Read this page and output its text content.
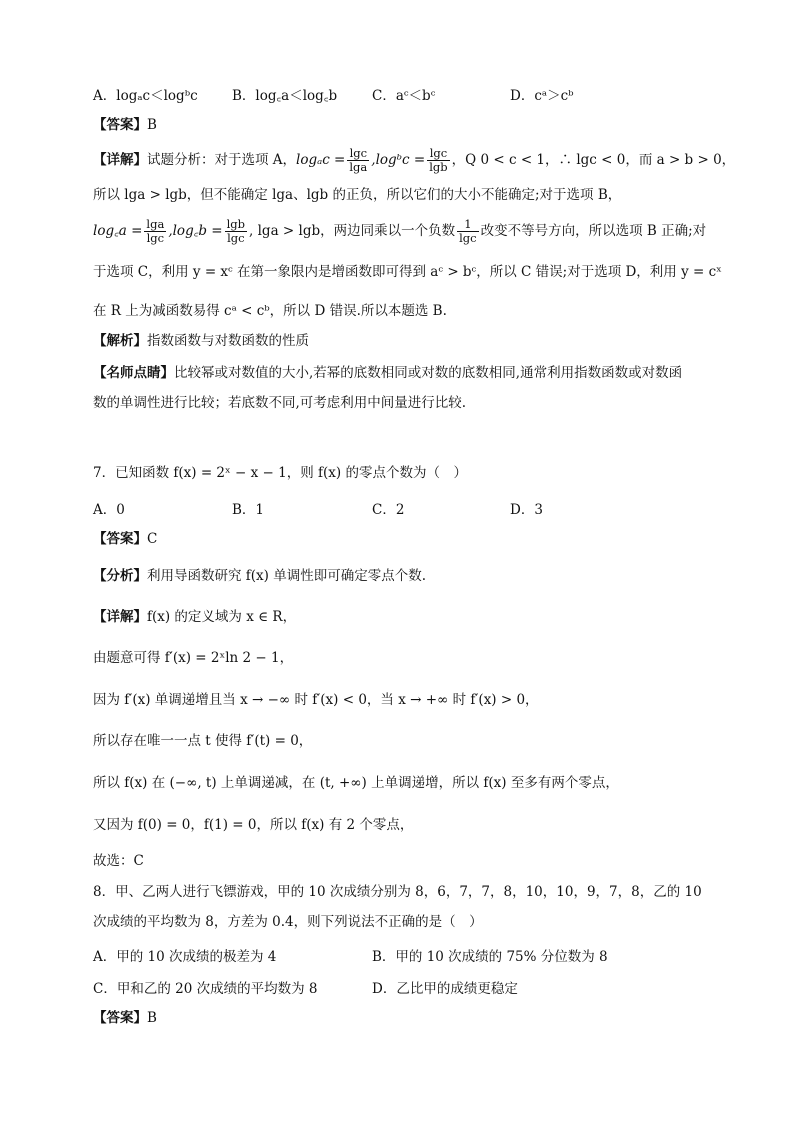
A．logₐc＜logᵇc	B．log꜀a＜log꜀b	C．aᶜ＜bᶜ	D．cᵃ＞cᵇ
【答案】B
【详解】试题分析：对于选项 A，$\log_ac = \frac{\lg c}{\lg a}$ ,logᵇc = $\frac{\lg c}{\lg b}$ ，Q 0 < c < 1，∴ lgc < 0，而 a > b > 0，
所以 lga > lgb，但不能确定 lga、lgb 的正负，所以它们的大小不能确定;对于选项 B，
log꜀a = $\frac{\lg a}{\lg c}$ ,log꜀b = $\frac{\lg b}{\lg c}$ , lga > lgb，两边同乘以一个负数 $\frac{1}{\lg c}$ 改变不等号方向，所以选项 B 正确;对
于选项 C，利用 y = xᶜ 在第一象限内是增函数即可得到 aᶜ > bᶜ，所以 C 错误;对于选项 D，利用 y = cˣ
在 R 上为减函数易得 cᵃ < cᵇ，所以 D 错误.所以本题选 B.
【解析】指数函数与对数函数的性质
【名师点睛】比较幂或对数值的大小,若幂的底数相同或对数的底数相同,通常利用指数函数或对数函
数的单调性进行比较；若底数不同,可考虑利用中间量进行比较.
7．已知函数 f(x) = 2ˣ − x − 1，则 f(x) 的零点个数为（　）
A．0	B．1	C．2	D．3
【答案】C
【分析】利用导函数研究 f(x) 单调性即可确定零点个数.
【详解】f(x) 的定义域为 x ∈ R，
由题意可得 f′(x) = 2ˣln 2 − 1，
因为 f′(x) 单调递增且当 x → −∞ 时 f′(x) < 0，当 x → +∞ 时 f′(x) > 0，
所以存在唯一一点 t 使得 f′(t) = 0，
所以 f(x) 在 (−∞, t) 上单调递减，在 (t, +∞) 上单调递增，所以 f(x) 至多有两个零点，
又因为 f(0) = 0，f(1) = 0，所以 f(x) 有 2 个零点，
故选：C
8．甲、乙两人进行飞镖游戏，甲的 10 次成绩分别为 8，6，7，7，8，10，10，9，7，8，乙的 10
次成绩的平均数为 8，方差为 0.4，则下列说法不正确的是（　）
A．甲的 10 次成绩的极差为 4	B．甲的 10 次成绩的 75% 分位数为 8
C．甲和乙的 20 次成绩的平均数为 8	D．乙比甲的成绩更稳定
【答案】B
